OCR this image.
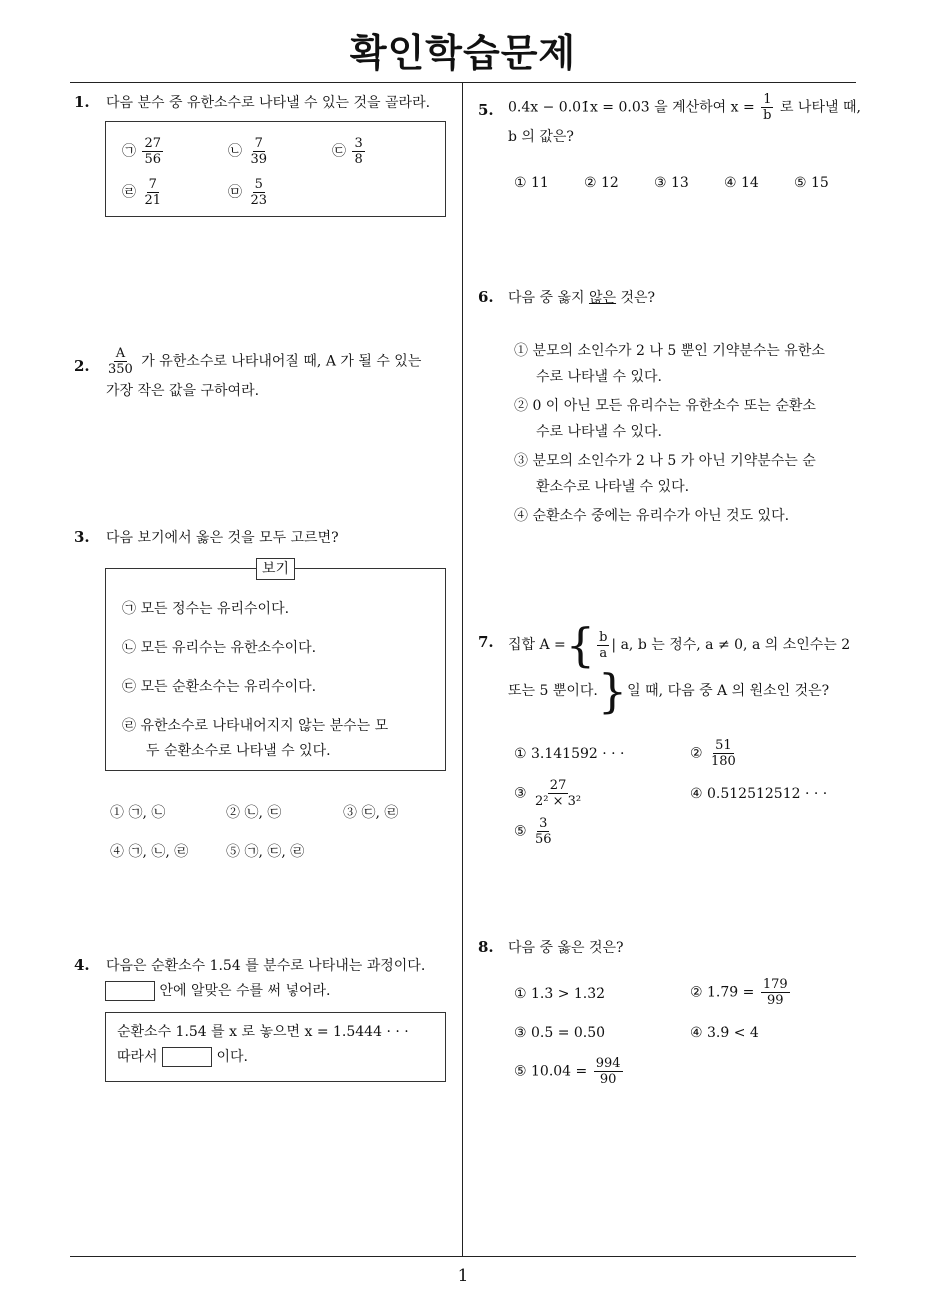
확인학습문제
1
1. 다음 분수 중 유한소수로 나타낼 수 있는 것을 골라라.
㉠ $\frac{27}{56}$	㉡ $\frac{7}{39}$	㉢ $\frac{3}{8}$
㉣ $\frac{7}{21}$	㉤ $\frac{5}{23}$
2. $\frac{A}{350}$ 가 유한소수로 나타내어질 때, A 가 될 수 있는
가장 작은 값을 구하여라.
3. 다음 보기에서 옳은 것을 모두 고르면?
보기
㉠ 모든 정수는 유리수이다.
㉡ 모든 유리수는 유한소수이다.
㉢ 모든 순환소수는 유리수이다.
㉣ 유한소수로 나타내어지지 않는 분수는 모
두 순환소수로 나타낼 수 있다.
① ㉠, ㉡	② ㉡, ㉢	③ ㉢, ㉣
④ ㉠, ㉡, ㉣	⑤ ㉠, ㉢, ㉣
4. 다음은 순환소수 1.54̇ 를 분수로 나타내는 과정이다.
안에 알맞은 수를 써 넣어라.
순환소수 1.54̇ 를 x 로 놓으면 x = 1.5444 · · ·
따라서	이다.
5. 0.4̇x − 0.01̇x = 0.03̇ 을 계산하여 $x = \frac{1}{b}$ 로 나타낼 때,
b 의 값은?
① 11	② 12	③ 13	④ 14	⑤ 15
6. 다음 중 옳지 않은 것은?
① 분모의 소인수가 2 나 5 뿐인 기약분수는 유한소
수로 나타낼 수 있다.
② 0 이 아닌 모든 유리수는 유한소수 또는 순환소
수로 나타낼 수 있다.
③ 분모의 소인수가 2 나 5 가 아닌 기약분수는 순
환소수로 나타낼 수 있다.
④ 순환소수 중에는 유리수가 아닌 것도 있다.
7. 집합 A = { $\frac{b}{a}$ | a, b 는 정수, a ≠ 0, a 의 소인수는 2
또는 5 뿐이다. } 일 때, 다음 중 A 의 원소인 것은?
① 3.141592 · · ·	② $\frac{51}{180}$
③ $\frac{27}{\text{2² × 3²}}$	④ 0.512512512 · · ·
⑤ $\frac{3}{56}$
8. 다음 중 옳은 것은?
① 1.3̇ > 1.3̇2̇	② 1.7̇9̇ = $\frac{179}{99}$
③ 0.5̇ = 0.5̇0̇	④ 3.9̇ < 4
⑤ 10.04̇ = $\frac{994}{90}$
